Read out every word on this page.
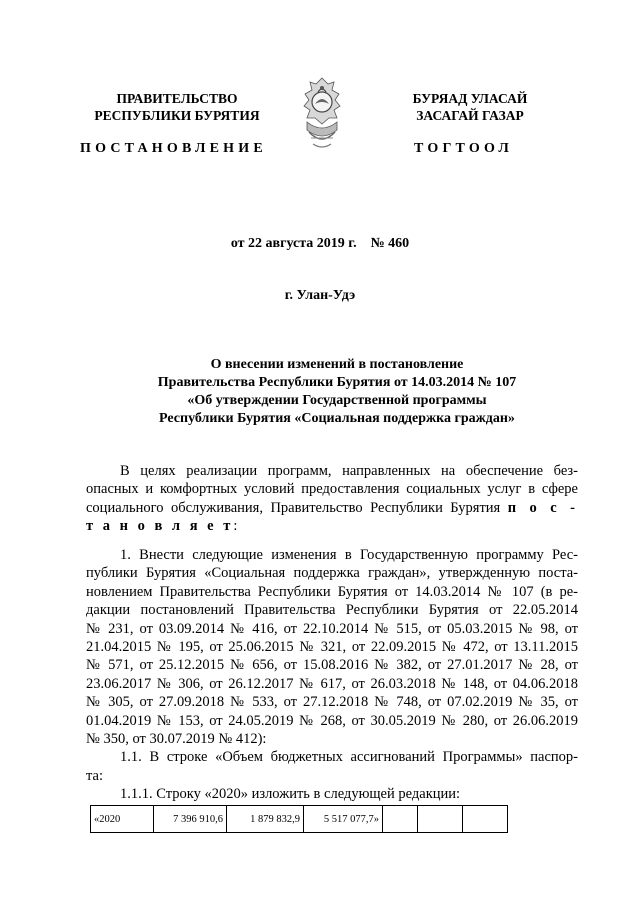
ПРАВИТЕЛЬСТВО
РЕСПУБЛИКИ БУРЯТИЯ
БУРЯАД УЛАСАЙ
ЗАСАГАЙ ГАЗАР
ПОСТАНОВЛЕНИЕ	ТОГТООЛ
от 22 августа 2019 г.    № 460
г. Улан-Удэ
О внесении изменений в постановление
Правительства Республики Бурятия от 14.03.2014 № 107
«Об утверждении Государственной программы
Республики Бурятия «Социальная поддержка граждан»
В целях реализации программ, направленных на обеспечение без-
опасных и комфортных условий предоставления социальных услуг в сфере
социального обслуживания, Правительство Республики Бурятия п о с -
т а н о в л я е т:
1. Внести следующие изменения в Государственную программу Рес-
публики Бурятия «Социальная поддержка граждан», утвержденную поста-
новлением Правительства Республики Бурятия от 14.03.2014 № 107 (в ре-
дакции постановлений Правительства Республики Бурятия от 22.05.2014
№ 231, от 03.09.2014 № 416, от 22.10.2014 № 515, от 05.03.2015 № 98, от
21.04.2015 № 195, от 25.06.2015 № 321, от 22.09.2015 № 472, от 13.11.2015
№ 571, от 25.12.2015 № 656, от 15.08.2016 № 382, от 27.01.2017 № 28, от
23.06.2017 № 306, от 26.12.2017 № 617, от 26.03.2018 № 148, от 04.06.2018
№ 305, от 27.09.2018 № 533, от 27.12.2018 № 748, от 07.02.2019 № 35, от
01.04.2019 № 153, от 24.05.2019 № 268, от 30.05.2019 № 280, от 26.06.2019
№ 350, от 30.07.2019 № 412):
1.1. В строке «Объем бюджетных ассигнований Программы» паспор-
та:
1.1.1. Строку «2020» изложить в следующей редакции:
«2020	7 396 910,6	1 879 832,9	5 517 077,7»			
